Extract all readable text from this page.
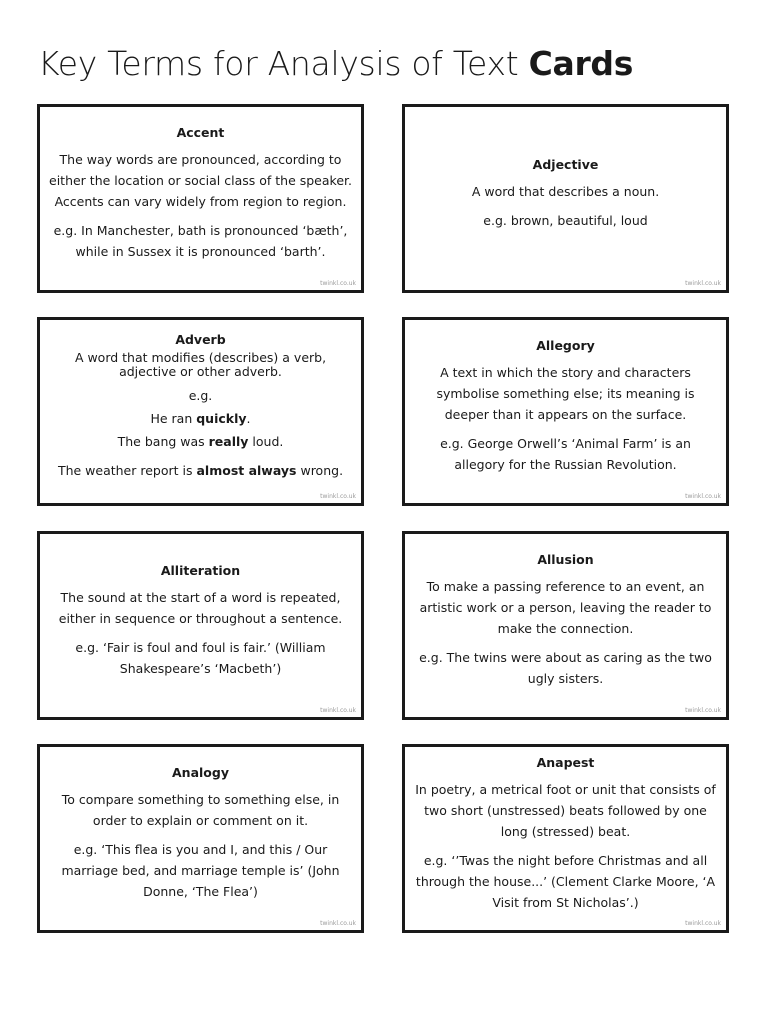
Key Terms for Analysis of Text Cards
Accent

The way words are pronounced, according to either the location or social class of the speaker. Accents can vary widely from region to region.

e.g. In Manchester, bath is pronounced ‘bæth’, while in Sussex it is pronounced ‘barth’.

twinkl.co.uk
Adjective

A word that describes a noun.

e.g. brown, beautiful, loud

twinkl.co.uk
Adverb

A word that modifies (describes) a verb, adjective or other adverb.

e.g.

He ran quickly.

The bang was really loud.

The weather report is almost always wrong.

twinkl.co.uk
Allegory

A text in which the story and characters symbolise something else; its meaning is deeper than it appears on the surface.

e.g. George Orwell’s ‘Animal Farm’ is an allegory for the Russian Revolution.

twinkl.co.uk
Alliteration

The sound at the start of a word is repeated, either in sequence or throughout a sentence.

e.g. ‘Fair is foul and foul is fair.’ (William Shakespeare’s ‘Macbeth’)

twinkl.co.uk
Allusion

To make a passing reference to an event, an artistic work or a person, leaving the reader to make the connection.

e.g. The twins were about as caring as the two ugly sisters.

twinkl.co.uk
Analogy

To compare something to something else, in order to explain or comment on it.

e.g. ‘This flea is you and I, and this / Our marriage bed, and marriage temple is’ (John Donne, ‘The Flea’)

twinkl.co.uk
Anapest

In poetry, a metrical foot or unit that consists of two short (unstressed) beats followed by one long (stressed) beat.

e.g. ‘’Twas the night before Christmas and all through the house...’ (Clement Clarke Moore, ‘A Visit from St Nicholas’.)

twinkl.co.uk
